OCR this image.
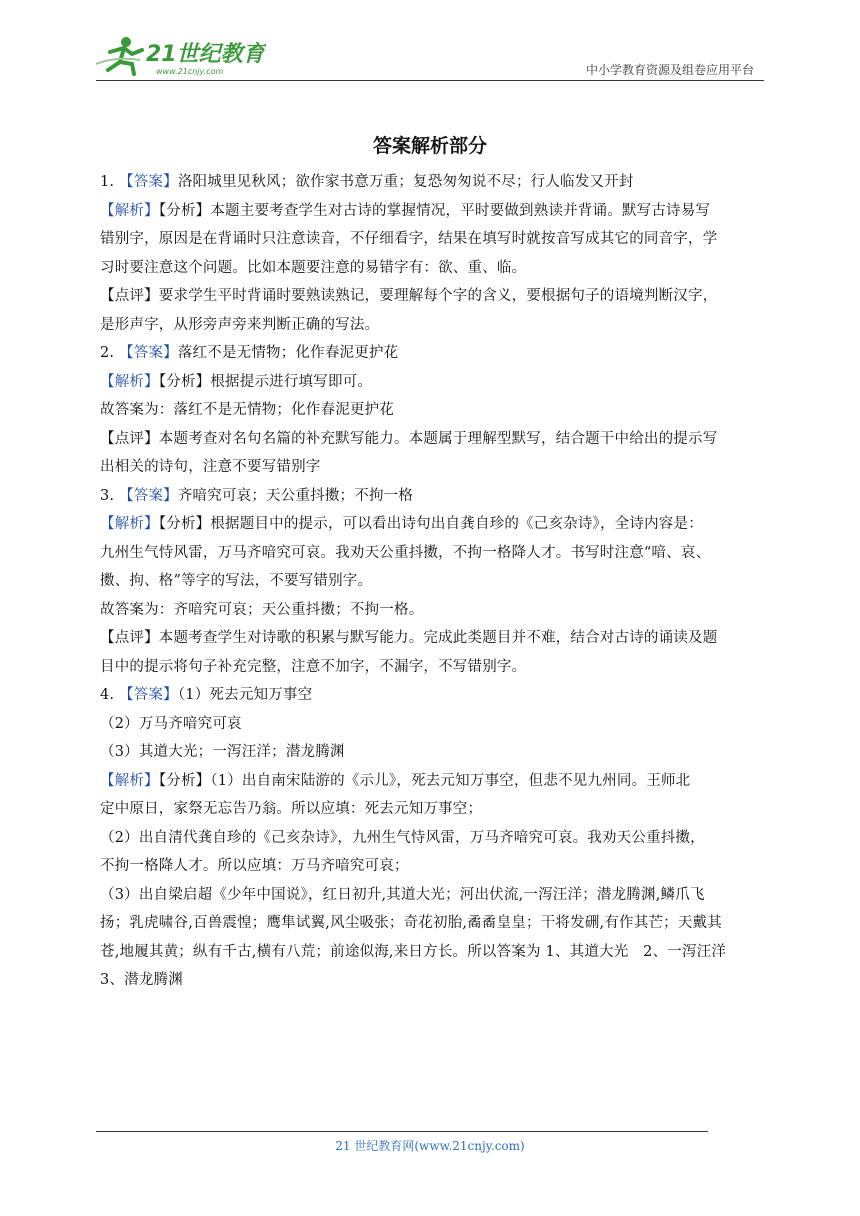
21世纪教育
www.21cnjy.com	中小学教育资源及组卷应用平台
答案解析部分
1. 【答案】洛阳城里见秋风；欲作家书意万重；复恐匆匆说不尽；行人临发又开封
【解析】【分析】本题主要考查学生对古诗的掌握情况，平时要做到熟读并背诵。默写古诗易写
错别字，原因是在背诵时只注意读音，不仔细看字，结果在填写时就按音写成其它的同音字，学
习时要注意这个问题。比如本题要注意的易错字有：欲、重、临。
【点评】要求学生平时背诵时要熟读熟记，要理解每个字的含义，要根据句子的语境判断汉字，
是形声字，从形旁声旁来判断正确的写法。
2. 【答案】落红不是无情物；化作春泥更护花
【解析】【分析】根据提示进行填写即可。
故答案为：落红不是无情物；化作春泥更护花
【点评】本题考查对名句名篇的补充默写能力。本题属于理解型默写，结合题干中给出的提示写
出相关的诗句，注意不要写错别字
3. 【答案】齐喑究可哀；天公重抖擞；不拘一格
【解析】【分析】根据题目中的提示，可以看出诗句出自龚自珍的《己亥杂诗》，全诗内容是：
九州生气恃风雷，万马齐喑究可哀。我劝天公重抖擞，不拘一格降人才。书写时注意“喑、哀、
擞、拘、格”等字的写法，不要写错别字。
故答案为：齐喑究可哀；天公重抖擞；不拘一格。
【点评】本题考查学生对诗歌的积累与默写能力。完成此类题目并不难，结合对古诗的诵读及题
目中的提示将句子补充完整，注意不加字，不漏字，不写错别字。
4. 【答案】（1）死去元知万事空
（2）万马齐喑究可哀
（3）其道大光；一泻汪洋；潜龙腾渊
【解析】【分析】（1）出自南宋陆游的《示儿》，死去元知万事空，但悲不见九州同。王师北
定中原日，家祭无忘告乃翁。所以应填：死去元知万事空；
（2）出自清代龚自珍的《己亥杂诗》，九州生气恃风雷，万马齐喑究可哀。我劝天公重抖擞，
不拘一格降人才。所以应填：万马齐喑究可哀；
（3）出自梁启超《少年中国说》，红日初升,其道大光；河出伏流,一泻汪洋；潜龙腾渊,鳞爪飞
扬；乳虎啸谷,百兽震惶；鹰隼试翼,风尘吸张；奇花初胎,矞矞皇皇；干将发硎,有作其芒；天戴其
苍,地履其黄；纵有千古,横有八荒；前途似海,来日方长。所以答案为 1、其道大光　2、一泻汪洋
3、潜龙腾渊
21 世纪教育网(www.21cnjy.com)
